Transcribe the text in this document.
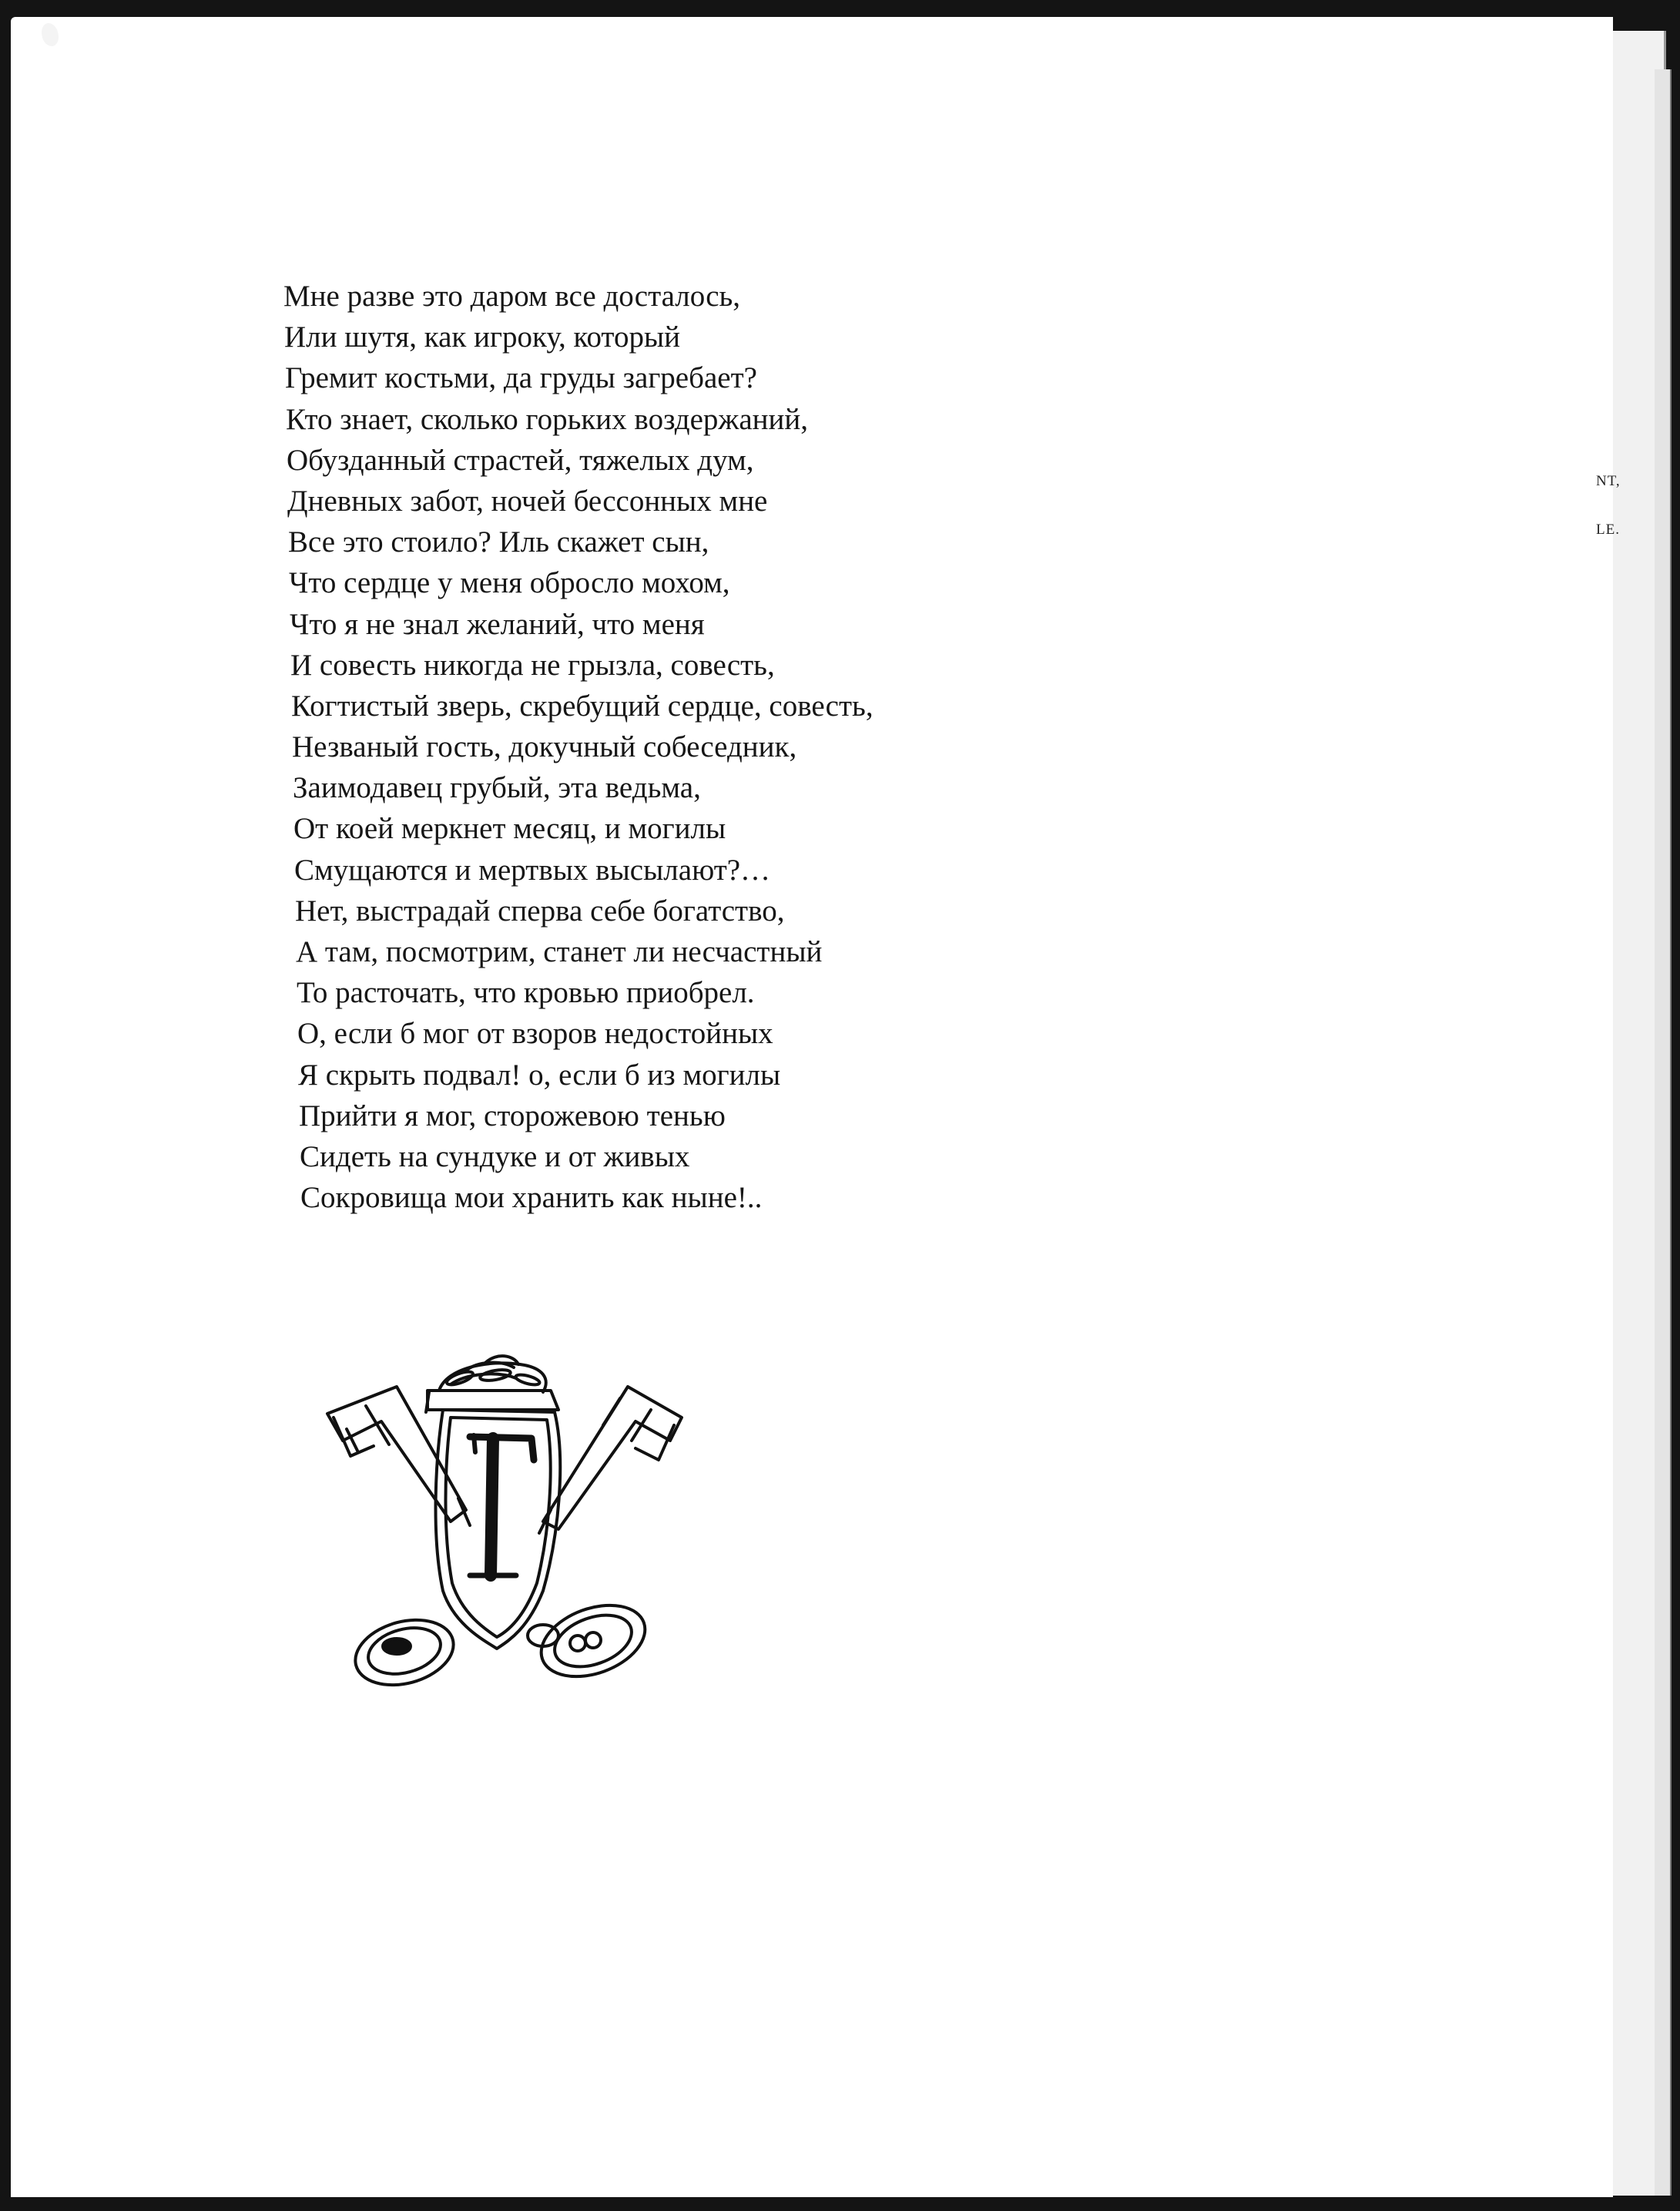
NT,
LE.
Мне разве это даром все досталось,
Или шутя, как игроку, который
Гремит костьми, да груды загребает?
Кто знает, сколько горьких воздержаний,
Обузданный страстей, тяжелых дум,
Дневных забот, ночей бессонных мне
Все это стоило? Иль скажет сын,
Что сердце у меня обросло мохом,
Что я не знал желаний, что меня
И совесть никогда не грызла, совесть,
Когтистый зверь, скребущий сердце, совесть,
Незваный гость, докучный собеседник,
Заимодавец грубый, эта ведьма,
От коей меркнет месяц, и могилы
Смущаются и мертвых высылают?…
Нет, выстрадай сперва себе богатство,
А там, посмотрим, станет ли несчастный
То расточать, что кровью приобрел.
О, если б мог от взоров недостойных
Я скрыть подвал! о, если б из могилы
Прийти я мог, сторожевою тенью
Сидеть на сундуке и от живых
Сокровища мои хранить как ныне!..
